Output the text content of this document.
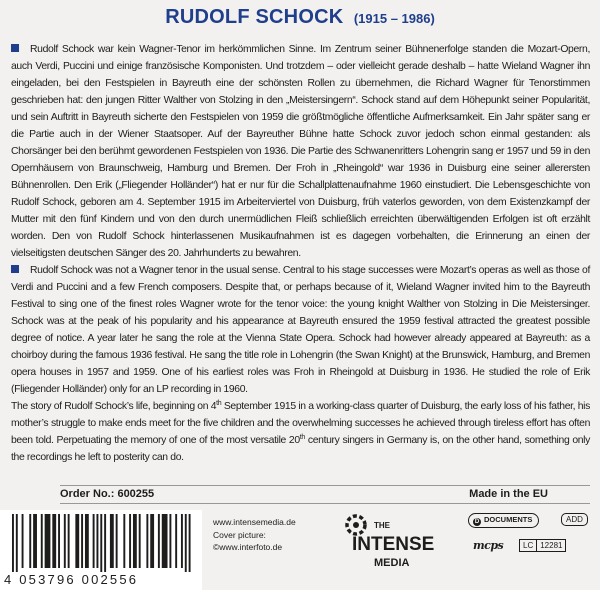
RUDOLF SCHOCK (1915 – 1986)

Rudolf Schock war kein Wagner-Tenor im herkömmlichen Sinne. Im Zentrum seiner Bühnenerfolge standen die Mozart-Opern, auch Verdi, Puccini und einige französische Komponisten. Und trotzdem – oder vielleicht gerade deshalb – hatte Wieland Wagner ihn eingeladen, bei den Festspielen in Bayreuth eine der schönsten Rollen zu übernehmen, die Richard Wagner für Tenorstimmen geschrieben hat: den jungen Ritter Walther von Stolzing in den „Meistersingern“. Schock stand auf dem Höhepunkt seiner Popularität, und sein Auftritt in Bayreuth sicherte den Festspielen von 1959 die größtmögliche öffentliche Aufmerksamkeit. Ein Jahr später sang er die Partie auch in der Wiener Staatsoper. Auf der Bayreuther Bühne hatte Schock zuvor jedoch schon einmal gestanden: als Chorsänger bei den berühmt gewordenen Festspielen von 1936. Die Partie des Schwanenritters Lohengrin sang er 1957 und 59 in den Opernhäusern von Braunschweig, Hamburg und Bremen. Der Froh in „Rheingold“ war 1936 in Duisburg eine seiner allerersten Bühnenrollen. Den Erik („Fliegender Holländer“) hat er nur für die Schallplattenaufnahme 1960 einstudiert. Die Lebensgeschichte von Rudolf Schock, geboren am 4. September 1915 im Arbeiterviertel von Duisburg, früh vaterlos geworden, von dem Existenzkampf der Mutter mit den fünf Kindern und von den durch unermüdlichen Fleiß schließlich erreichten überwältigenden Erfolgen ist oft erzählt worden. Den von Rudolf Schock hinterlassenen Musikaufnahmen ist es dagegen vorbehalten, die Erinnerung an einen der vielseitigsten deutschen Sänger des 20. Jahrhunderts zu bewahren.

Rudolf Schock was not a Wagner tenor in the usual sense. Central to his stage successes were Mozart’s operas as well as those of Verdi and Puccini and a few French composers. Despite that, or perhaps because of it, Wieland Wagner invited him to the Bayreuth Festival to sing one of the finest roles Wagner wrote for the tenor voice: the young knight Walther von Stolzing in Die Meistersinger. Schock was at the peak of his popularity and his appearance at Bayreuth ensured the 1959 festival attracted the greatest possible degree of notice. A year later he sang the role at the Vienna State Opera. Schock had however already appeared at Bayreuth: as a choirboy during the famous 1936 festival. He sang the title role in Lohengrin (the Swan Knight) at the Brunswick, Hamburg, and Bremen opera houses in 1957 and 1959. One of his earliest roles was Froh in Rheingold at Duisburg in 1936. He studied the role of Erik (Fliegender Holländer) only for an LP recording in 1960.

The story of Rudolf Schock’s life, beginning on 4th September 1915 in a working-class quarter of Duisburg, the early loss of his father, his mother’s struggle to make ends meet for the five children and the overwhelming successes he achieved through tireless effort has often been told. Perpetuating the memory of one of the most versatile 20th century singers in Germany is, on the other hand, something only the recordings he left to posterity can do.

Order No.: 600255	Made in the EU
4 053796 002556
www.intensemedia.de
Cover picture:
©www.interfoto.de
THE
INTENSE
MEDIA
D DOCUMENTS	ADD
mcps	LC 12281
